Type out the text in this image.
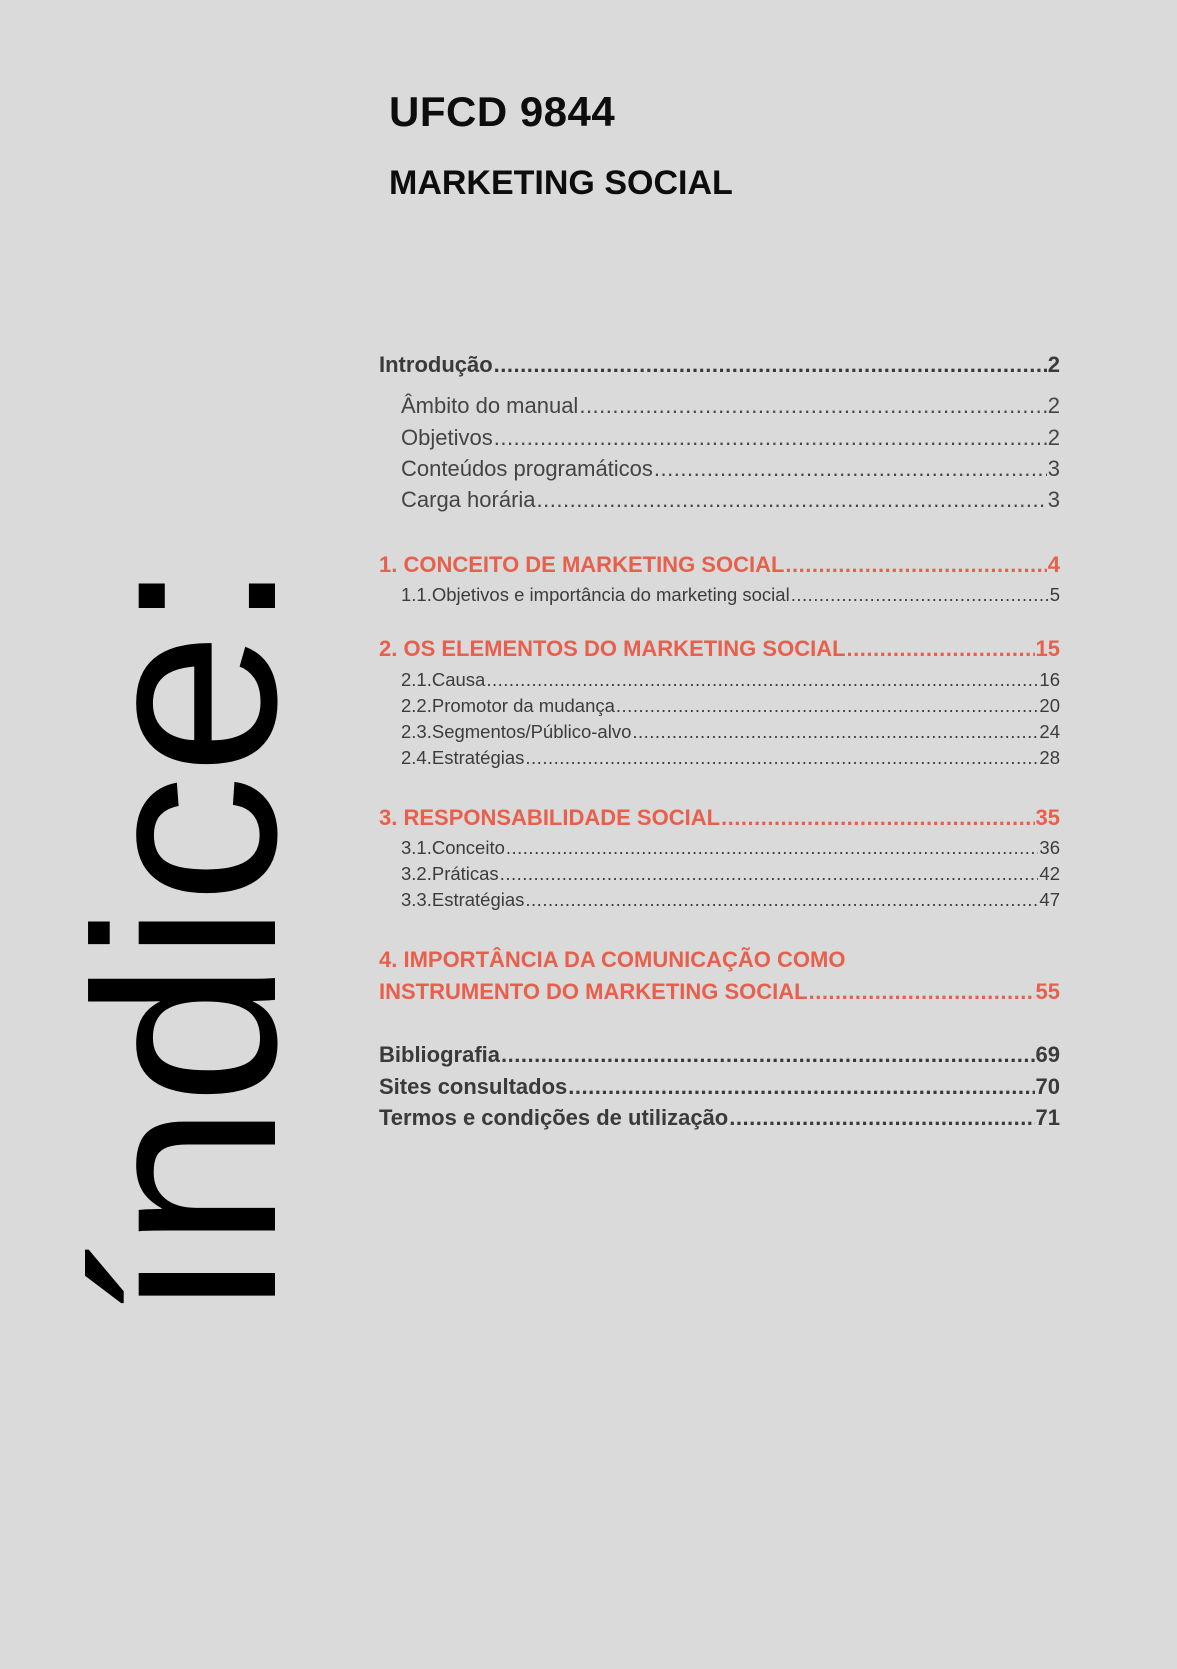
UFCD 9844
MARKETING SOCIAL
índice:
Introdução .....	2
Âmbito do manual .....	2
Objetivos .....	2
Conteúdos programáticos .....	3
Carga horária .....	3
1. CONCEITO DE MARKETING SOCIAL .....	4
1.1.Objetivos e importância do marketing social .....	5
2. OS ELEMENTOS DO MARKETING SOCIAL .....	15
2.1.Causa .....	16
2.2.Promotor da mudança .....	20
2.3.Segmentos/Público-alvo .....	24
2.4.Estratégias .....	28
3. RESPONSABILIDADE SOCIAL .....	35
3.1.Conceito .....	36
3.2.Práticas .....	42
3.3.Estratégias .....	47
4. IMPORTÂNCIA DA COMUNICAÇÃO COMO
INSTRUMENTO DO MARKETING SOCIAL .....	55
Bibliografia .....	69
Sites consultados .....	70
Termos e condições de utilização .....	71
